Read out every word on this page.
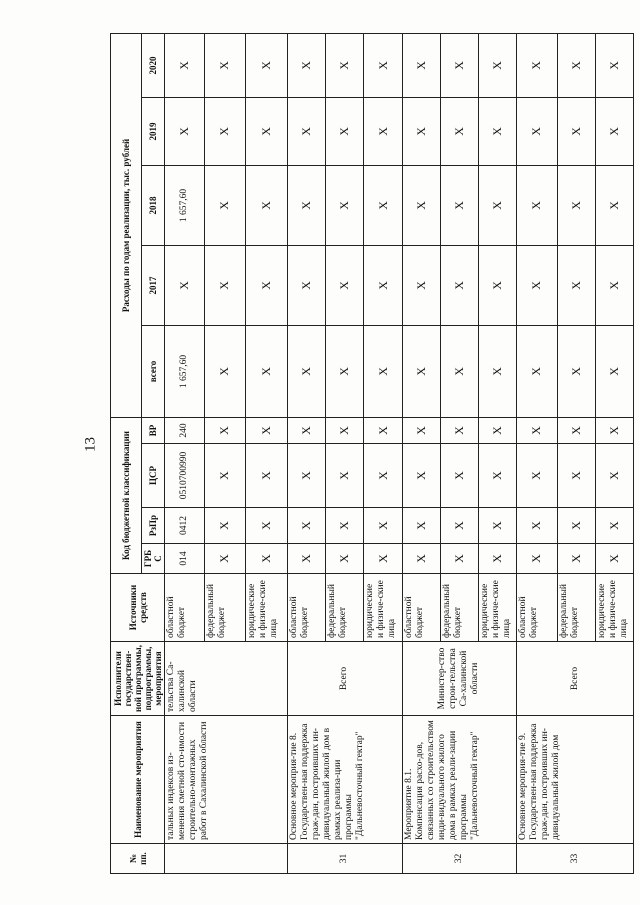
13
№ пп.	Наименование мероприятия	Исполнители государствен-ной программы, подпрограммы, мероприятия	Источники средств	Код бюджетной классификации				Расходы по годам реализации, тыс. рублей				
				ГРБС	РзПр	ЦСР	ВР	всего	2017	2018	2019	2020
	тальных индексов из-менения сметной сто-имости строительно-монтажных работ в Сахалинской области	тельства Са-халинской области	областной бюджет	014	0412	0510700990	240	1 657,60	X	1 657,60	X	X
			федеральный бюджет	X	X	X	X	X	X	X	X	X
			юридические и физиче-ские лица	X	X	X	X	X	X	X	X	X
31	Основное мероприя-тие 8. Государствен-ная поддержка граж-дан, построивших ин-дивидуальный жилой дом в рамках реализа-ции программы "Дальневосточный гектар"	Всего	областной бюджет	X	X	X	X	X	X	X	X	X
			федеральный бюджет	X	X	X	X	X	X	X	X	X
			юридические и физиче-ские лица	X	X	X	X	X	X	X	X	X
32	Мероприятие 8.1. Компенсация расхо-дов, связанных со строительством инди-видуального жилого дома в рамках реали-зации программы "Дальневосточный гектар"	Министер-ство строи-тельства Са-халинской области	областной бюджет	X	X	X	X	X	X	X	X	X
			федеральный бюджет	X	X	X	X	X	X	X	X	X
			юридические и физиче-ские лица	X	X	X	X	X	X	X	X	X
33	Основное мероприя-тие 9. Государствен-ная поддержка граж-дан, построивших ин-дивидуальный жилой дом	Всего	областной бюджет	X	X	X	X	X	X	X	X	X
			федеральный бюджет	X	X	X	X	X	X	X	X	X
			юридические и физиче-ские лица	X	X	X	X	X	X	X	X	X
